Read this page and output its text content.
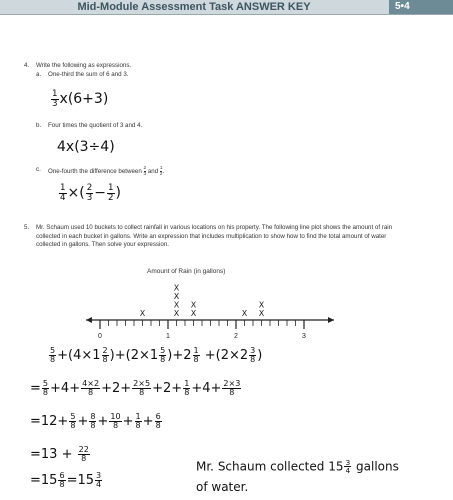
Mid-Module Assessment Task ANSWER KEY	5•4
4. Write the following as expressions.
a. One-third the sum of 6 and 3.
$\frac{1}{3} x(6+3)$
b. Four times the quotient of 3 and 4.
4x(3÷4)
c. One-fourth the difference between $\frac{2}{3}$ and $\frac{1}{2}$ .
$\frac{1}{4}$ ×( $\frac{2}{3} - \frac{1}{2}$ )
5. Mr. Schaum used 10 buckets to collect rainfall in various locations on his property. The following line plot shows the amount of rain collected in each bucket in gallons. Write an expression that includes multiplication to show how to find the total amount of water collected in gallons. Then solve your expression.
Amount of Rain (in gallons)
X	X
X
X
X
X
X
X X
X
0	1	2	3
$\frac{5}{8} +(4\times 1 \frac{2}{8} )+(2\times 1 \frac{5}{8} )+2 \frac{1}{8} +(2\times 2 \frac{3}{8}$ )
= $\frac{5}{8} +4+ \frac{4\times 2}{8} +2+ \frac{2\times 5}{8} +2+ \frac{1}{8} +4+ \frac{2\times 3}{8}$
$=12+ \frac{5}{8} + \frac{8}{8} + \frac{10}{8} + \frac{1}{8} + \frac{6}{8}$
$=13 + \frac{22}{8}$
$=15 \frac{6}{8} =15 \frac{3}{4}$
Mr. Schaum collected $15 \frac{3}{4}$ gallons
of water.
